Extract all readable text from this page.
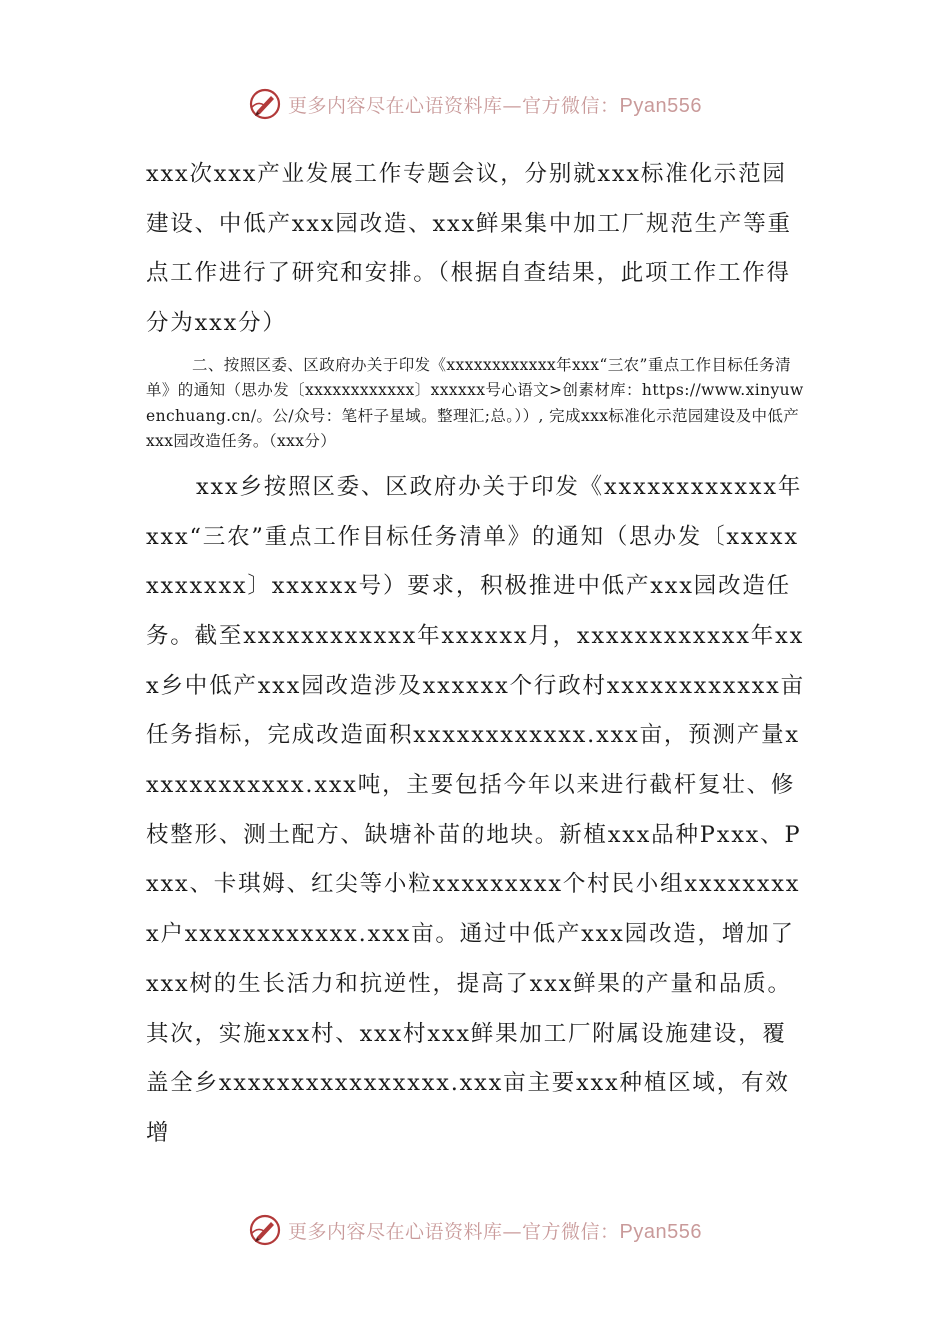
更多内容尽在心语资料库—官方微信：Pyan556

xxx次xxx产业发展工作专题会议，分别就xxx标准化示范园建设、中低产xxx园改造、xxx鲜果集中加工厂规范生产等重点工作进行了研究和安排。（根据自查结果，此项工作工作得分为xxx分）

二、按照区委、区政府办关于印发《xxxxxxxxxxxx年xxx“三农”重点工作目标任务清单》的通知（思办发〔xxxxxxxxxxxx〕xxxxxx号心语文>创素材库：https://www.xinyuwenchuang.cn/。公/众号：笔杆子星域。整理汇;总。））, 完成xxx标准化示范园建设及中低产xxx园改造任务。（xxx分）

xxx乡按照区委、区政府办关于印发《xxxxxxxxxxxx年xxx“三农”重点工作目标任务清单》的通知（思办发〔xxxxxxxxxxxx〕xxxxxx号）要求，积极推进中低产xxx园改造任务。截至xxxxxxxxxxxx年xxxxxx月，xxxxxxxxxxxx年xxx乡中低产xxx园改造涉及xxxxxx个行政村xxxxxxxxxxxx亩任务指标，完成改造面积xxxxxxxxxxxx.xxx亩，预测产量xxxxxxxxxxxx.xxx吨，主要包括今年以来进行截杆复壮、修枝整形、测土配方、缺塘补苗的地块。新植xxx品种Pxxx、Pxxx、卡琪姆、红尖等小粒xxxxxxxxx个村民小组xxxxxxxxx户xxxxxxxxxxxx.xxx亩。通过中低产xxx园改造，增加了xxx树的生长活力和抗逆性，提高了xxx鲜果的产量和品质。其次，实施xxx村、xxx村xxx鲜果加工厂附属设施建设，覆盖全乡xxxxxxxxxxxxxxxx.xxx亩主要xxx种植区域，有效增

更多内容尽在心语资料库—官方微信：Pyan556
